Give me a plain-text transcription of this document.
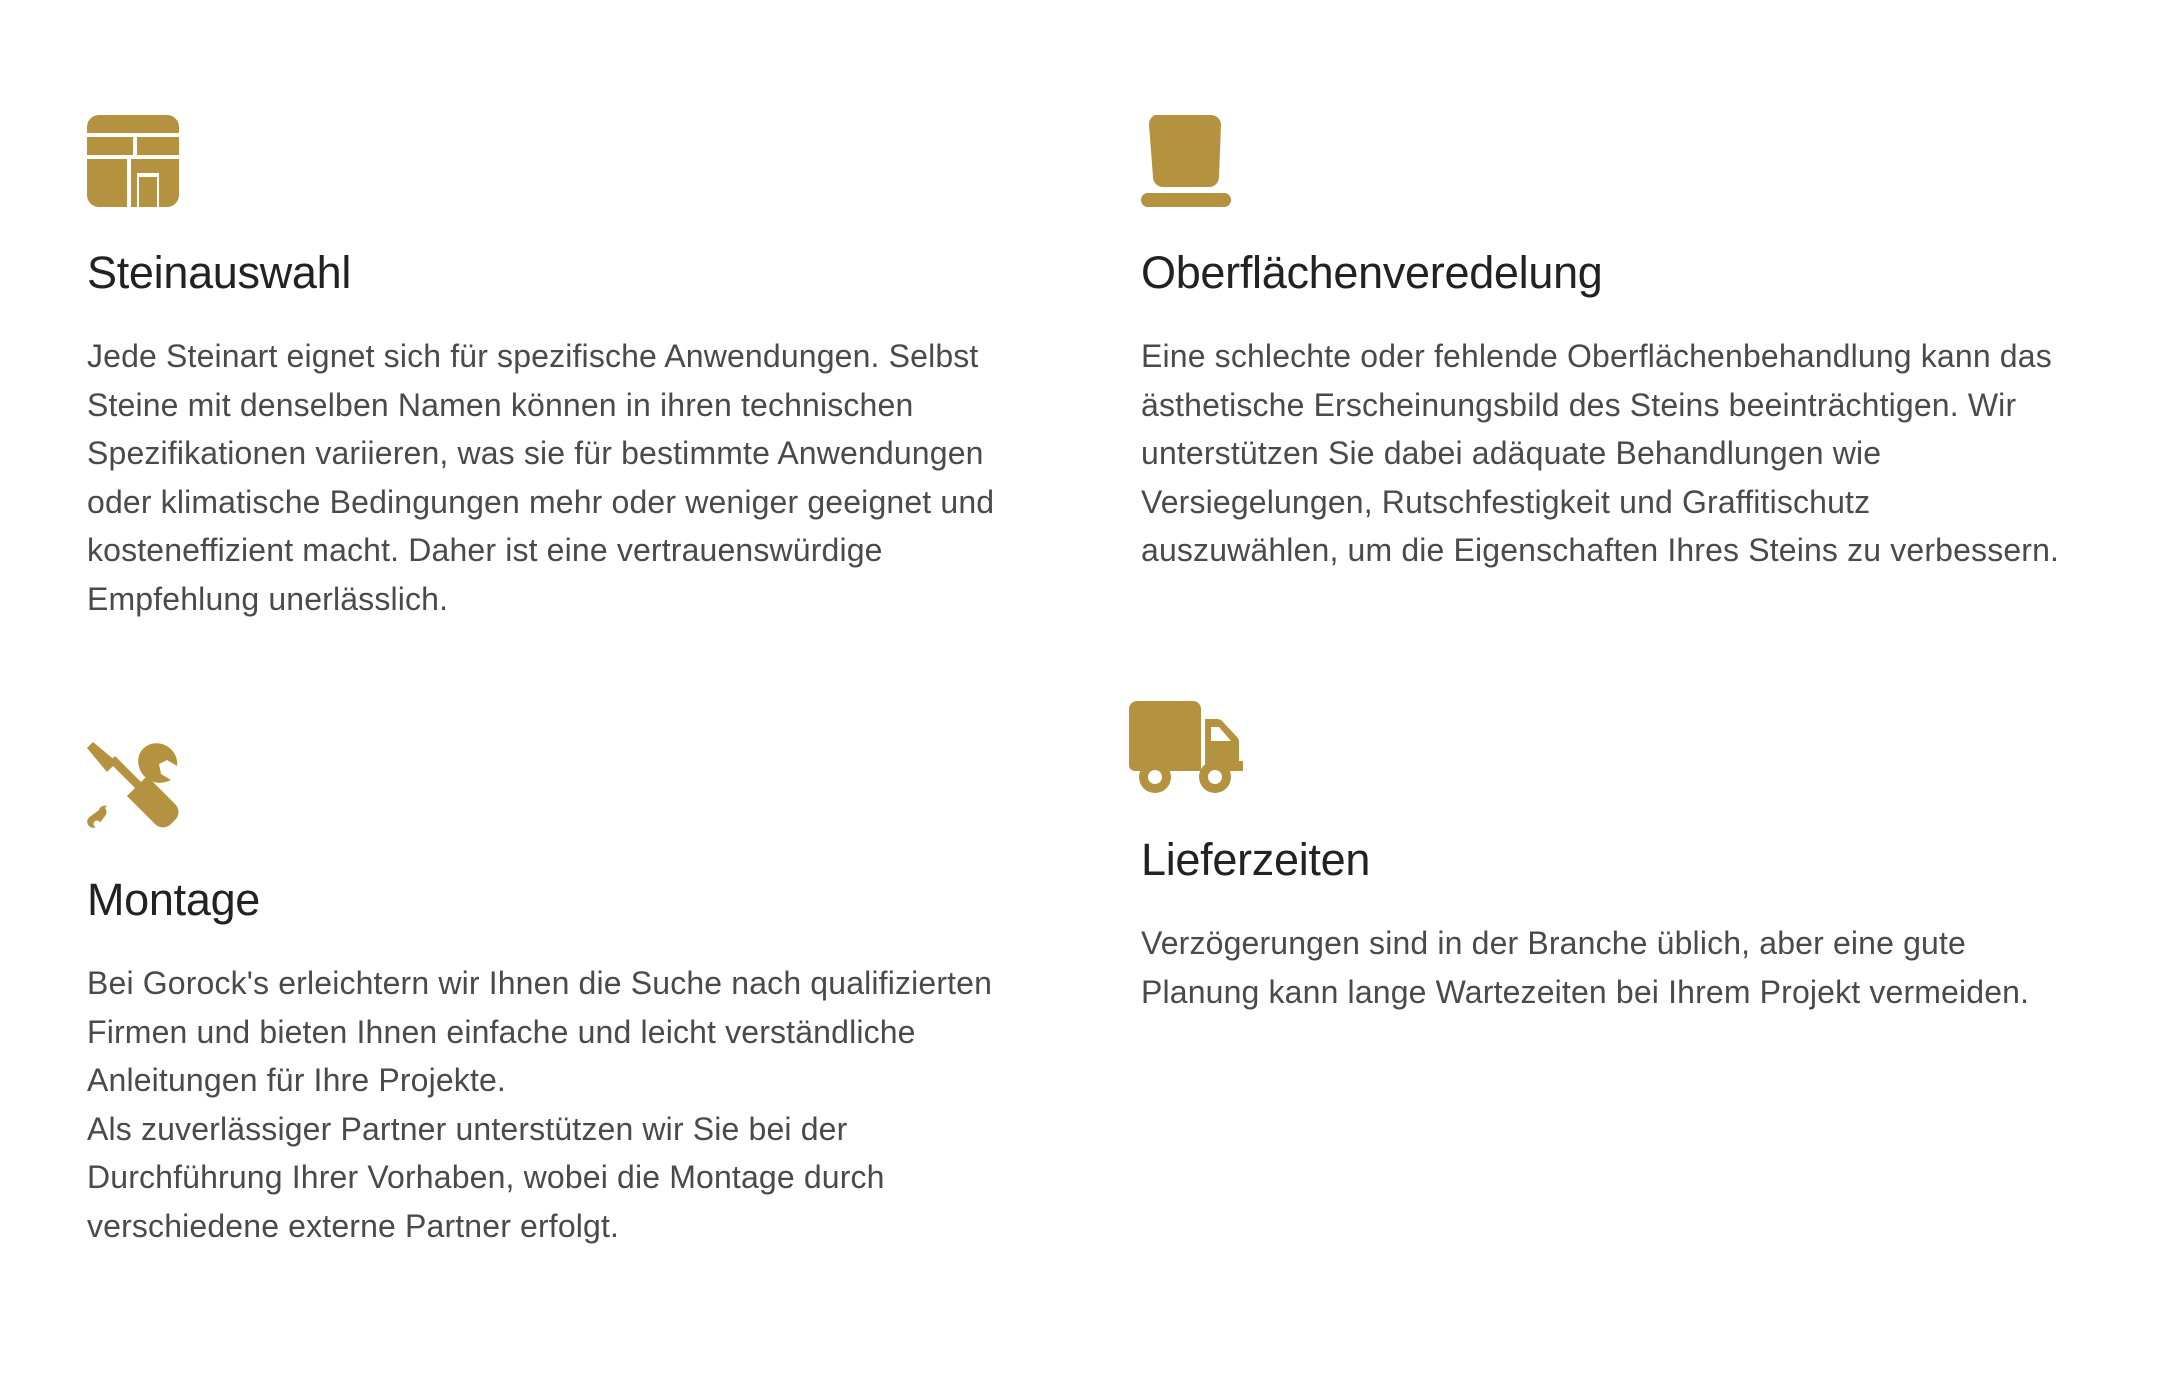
Steinauswahl

Jede Steinart eignet sich für spezifische Anwendungen. Selbst
Steine mit denselben Namen können in ihren technischen
Spezifikationen variieren, was sie für bestimmte Anwendungen
oder klimatische Bedingungen mehr oder weniger geeignet und
kosteneffizient macht. Daher ist eine vertrauenswürdige
Empfehlung unerlässlich.

Oberflächenveredelung

Eine schlechte oder fehlende Oberflächenbehandlung kann das
ästhetische Erscheinungsbild des Steins beeinträchtigen. Wir
unterstützen Sie dabei adäquate Behandlungen wie
Versiegelungen, Rutschfestigkeit und Graffitischutz
auszuwählen, um die Eigenschaften Ihres Steins zu verbessern.

Montage

Bei Gorock's erleichtern wir Ihnen die Suche nach qualifizierten
Firmen und bieten Ihnen einfache und leicht verständliche
Anleitungen für Ihre Projekte.
Als zuverlässiger Partner unterstützen wir Sie bei der
Durchführung Ihrer Vorhaben, wobei die Montage durch
verschiedene externe Partner erfolgt.

Lieferzeiten

Verzögerungen sind in der Branche üblich, aber eine gute
Planung kann lange Wartezeiten bei Ihrem Projekt vermeiden.
